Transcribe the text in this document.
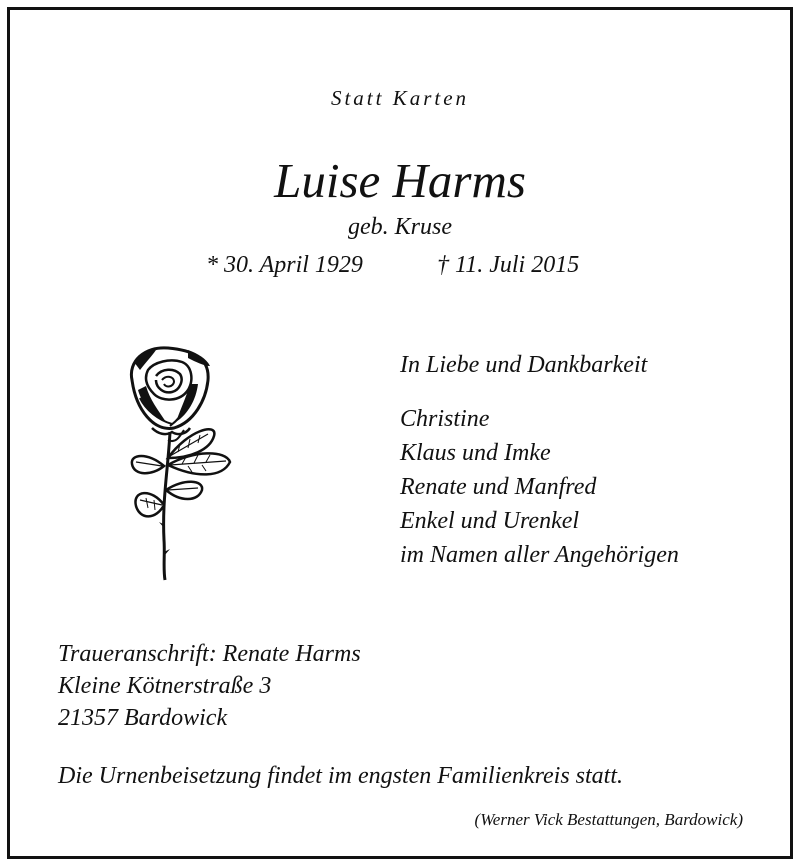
Statt Karten
Luise Harms
geb. Kruse
* 30. April 1929	† 11. Juli 2015
In Liebe und Dankbarkeit
Christine
Klaus und Imke
Renate und Manfred
Enkel und Urenkel
im Namen aller Angehörigen
Traueranschrift: Renate Harms
Kleine Kötnerstraße 3
21357 Bardowick
Die Urnenbeisetzung findet im engsten Familienkreis statt.
(Werner Vick Bestattungen, Bardowick)
